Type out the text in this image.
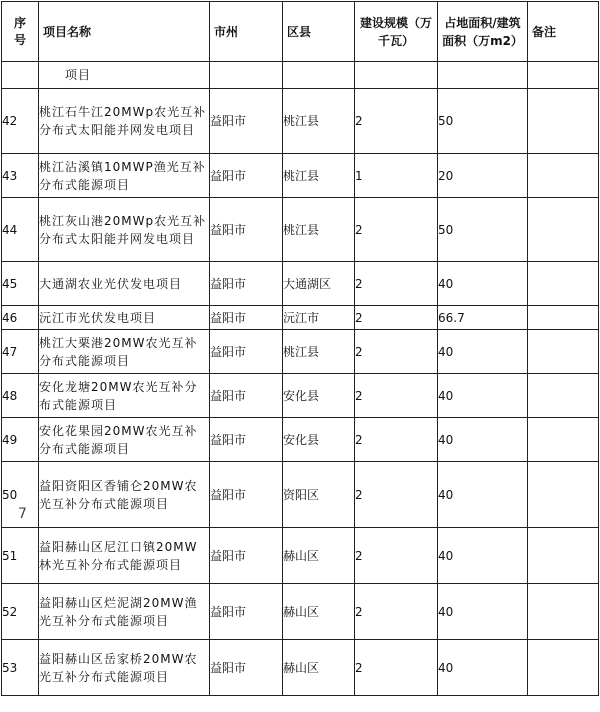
序号	项目名称	市州	区县	建设规模（万千瓦）	占地面积/建筑面积（万m2）	备注

	项目					

42	桃江石牛江20MWp农光互补分布式太阳能并网发电项目	益阳市	桃江县	2	50	
43	桃江沾溪镇10MWP渔光互补分布式能源项目	益阳市	桃江县	1	20	
44	桃江灰山港20MWp农光互补分布式太阳能并网发电项目	益阳市	桃江县	2	50	
45	大通湖农业光伏发电项目	益阳市	大通湖区	2	40	
46	沅江市光伏发电项目	益阳市	沅江市	2	66.7	
47	桃江大栗港20MW农光互补分布式能源项目	益阳市	桃江县	2	40	
48	安化龙塘20MW农光互补分布式能源项目	益阳市	安化县	2	40	
49	安化花果园20MW农光互补分布式能源项目	益阳市	安化县	2	40	
50	益阳资阳区香铺仑20MW农光互补分布式能源项目	益阳市	资阳区	2	40	
51	益阳赫山区尼江口镇20MW林光互补分布式能源项目	益阳市	赫山区	2	40	
52	益阳赫山区烂泥湖20MW渔光互补分布式能源项目	益阳市	赫山区	2	40	
53	益阳赫山区岳家桥20MW农光互补分布式能源项目	益阳市	赫山区	2	40	
7
